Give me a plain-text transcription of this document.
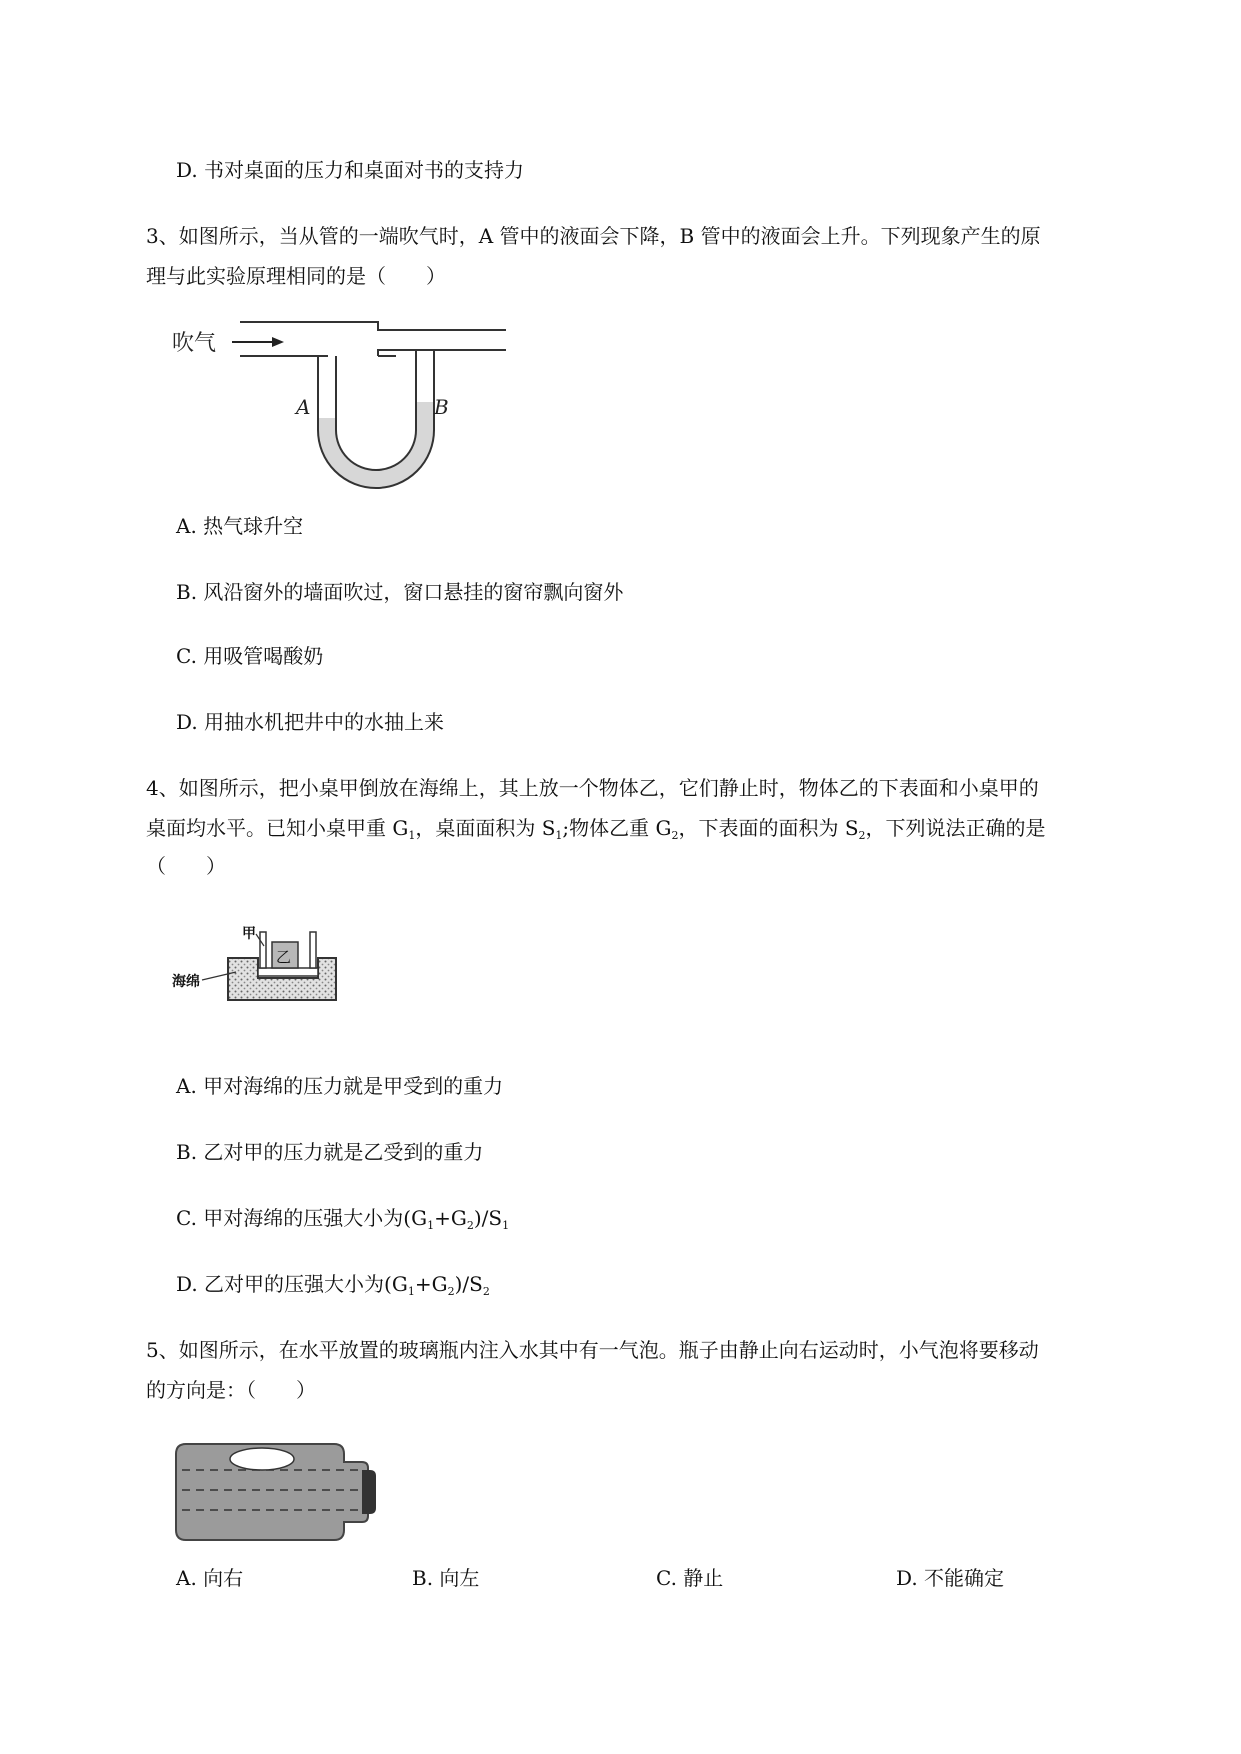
D. 书对桌面的压力和桌面对书的支持力
3、如图所示，当从管的一端吹气时，A 管中的液面会下降，B 管中的液面会上升。下列现象产生的原
理与此实验原理相同的是（　　）
吹气
A	B
A. 热气球升空
B. 风沿窗外的墙面吹过，窗口悬挂的窗帘飘向窗外
C. 用吸管喝酸奶
D. 用抽水机把井中的水抽上来
4、如图所示，把小桌甲倒放在海绵上，其上放一个物体乙，它们静止时，物体乙的下表面和小桌甲的
桌面均水平。已知小桌甲重 $G_1$，桌面面积为 $S_1$;物体乙重 $G_2$，下表面的面积为 $S_2$，下列说法正确的是
（　　）
乙
甲
海绵
A. 甲对海绵的压力就是甲受到的重力
B. 乙对甲的压力就是乙受到的重力
C. 甲对海绵的压强大小为$(G_1+G_2)/S_1$
D. 乙对甲的压强大小为$(G_1+G_2)/S_2$
5、如图所示，在水平放置的玻璃瓶内注入水其中有一气泡。瓶子由静止向右运动时，小气泡将要移动
的方向是：（　　）
A. 向右	B. 向左	C. 静止	D. 不能确定
